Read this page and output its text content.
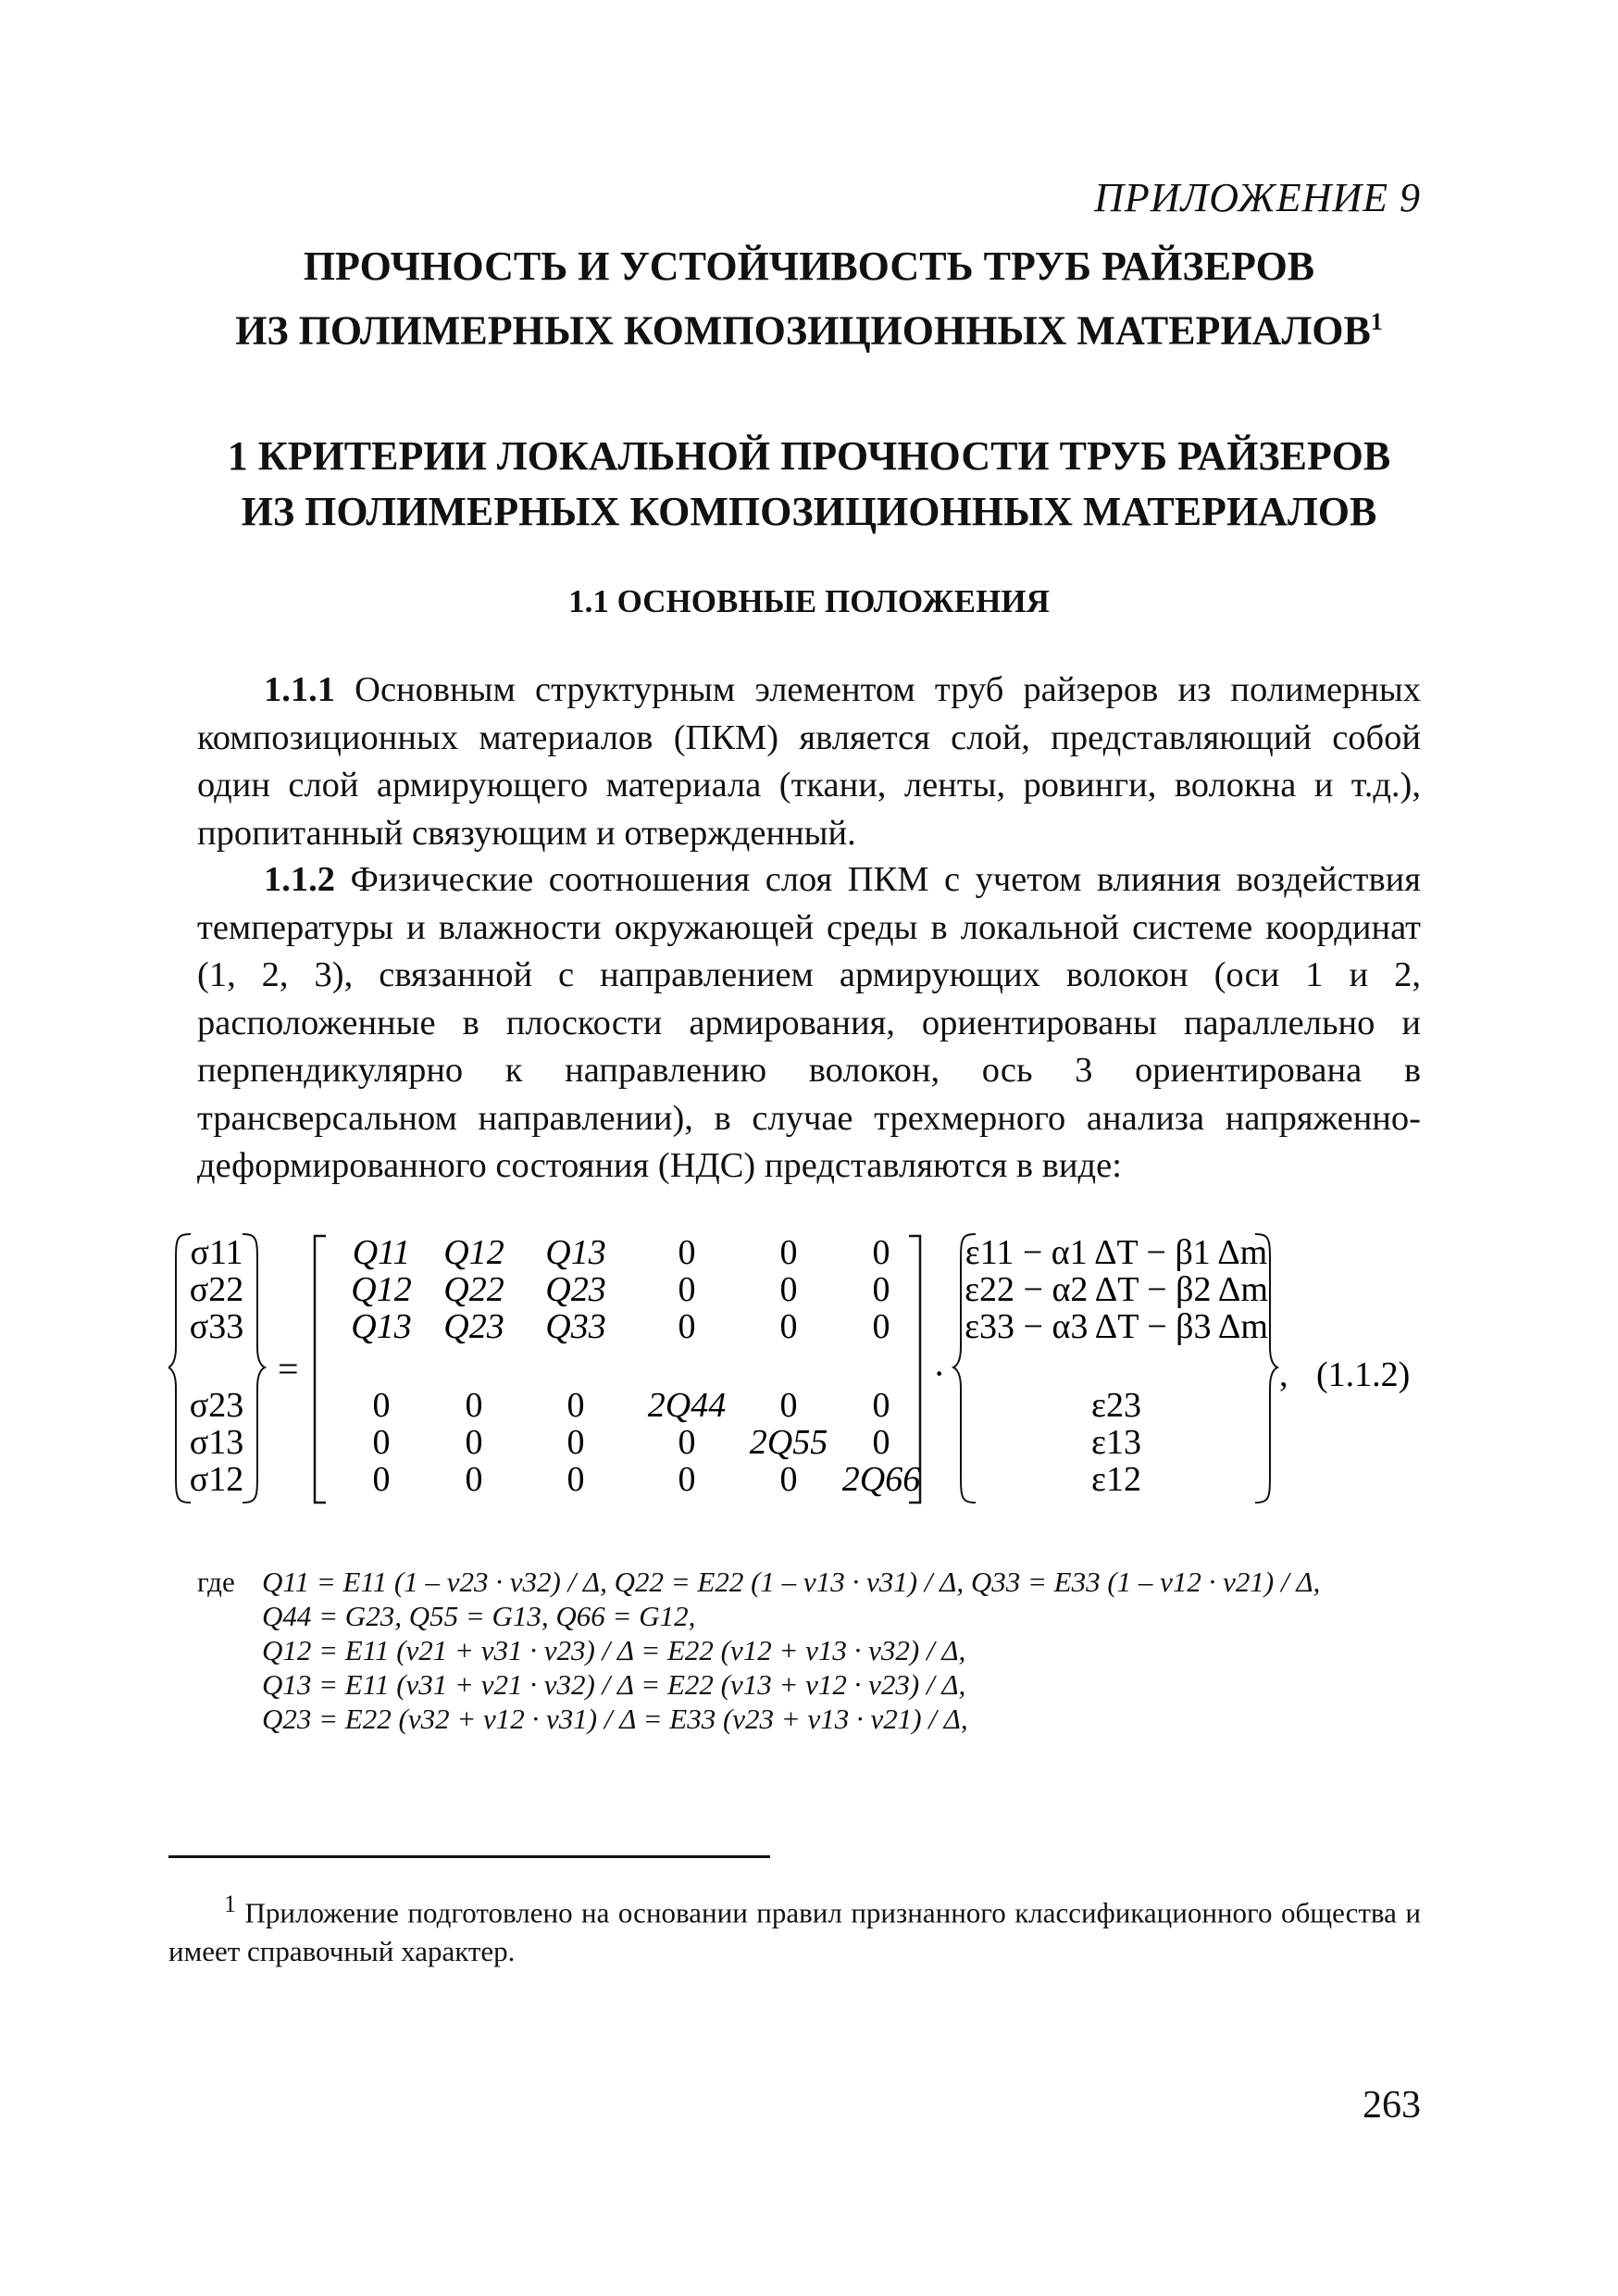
ПРИЛОЖЕНИЕ 9
ПРОЧНОСТЬ И УСТОЙЧИВОСТЬ ТРУБ РАЙЗЕРОВ
ИЗ ПОЛИМЕРНЫХ КОМПОЗИЦИОННЫХ МАТЕРИАЛОВ$^1$
1 КРИТЕРИИ ЛОКАЛЬНОЙ ПРОЧНОСТИ ТРУБ РАЙЗЕРОВ
ИЗ ПОЛИМЕРНЫХ КОМПОЗИЦИОННЫХ МАТЕРИАЛОВ
1.1 ОСНОВНЫЕ ПОЛОЖЕНИЯ

1.1.1 Основным структурным элементом труб райзеров из полимерных композиционных материалов (ПКМ) является слой, представляющий собой один слой армирующего материала (ткани, ленты, ровинги, волокна и т.д.), пропитанный связующим и отвержденный.

1.1.2 Физические соотношения слоя ПКМ с учетом влияния воздействия температуры и влажности окружающей среды в локальной системе координат (1, 2, 3), связанной с направлением армирующих волокон (оси 1 и 2, расположенные в плоскости армирования, ориентированы параллельно и перпендикулярно к направлению волокон, ось 3 ориентирована в трансверсальном направлении), в случае трехмерного анализа напряженно-деформированного состояния (НДС) представляются в виде:

σ11
σ22
σ33
σ23
σ13
σ12
=
Q11 Q12 Q13 0 0 0
Q12 Q22 Q23 0 0 0
Q13 Q23 Q33 0 0 0
0 0 0 2Q44 0 0
0 0 0	0 2Q55 0
0 0 0	0 0 2Q66
·
ε11 − α1 ΔT − β1 Δm
ε22 − α2 ΔT − β2 Δm
ε33 − α3 ΔT − β3 Δm
ε23
ε13
ε12
, (1.1.2)
где Q11 = E11 (1 – ν23 · ν32) / Δ, Q22 = E22 (1 – ν13 · ν31) / Δ, Q33 = E33 (1 – ν12 · ν21) / Δ,
Q44 = G23, Q55 = G13, Q66 = G12,
Q12 = E11 (ν21 + ν31 · ν23) / Δ = E22 (ν12 + ν13 · ν32) / Δ,
Q13 = E11 (ν31 + ν21 · ν32) / Δ = E22 (ν13 + ν12 · ν23) / Δ,
Q23 = E22 (ν32 + ν12 · ν31) / Δ = E33 (ν23 + ν13 · ν21) / Δ,

$^1$ Приложение подготовлено на основании правил признанного классификационного общества и имеет справочный характер.

263
